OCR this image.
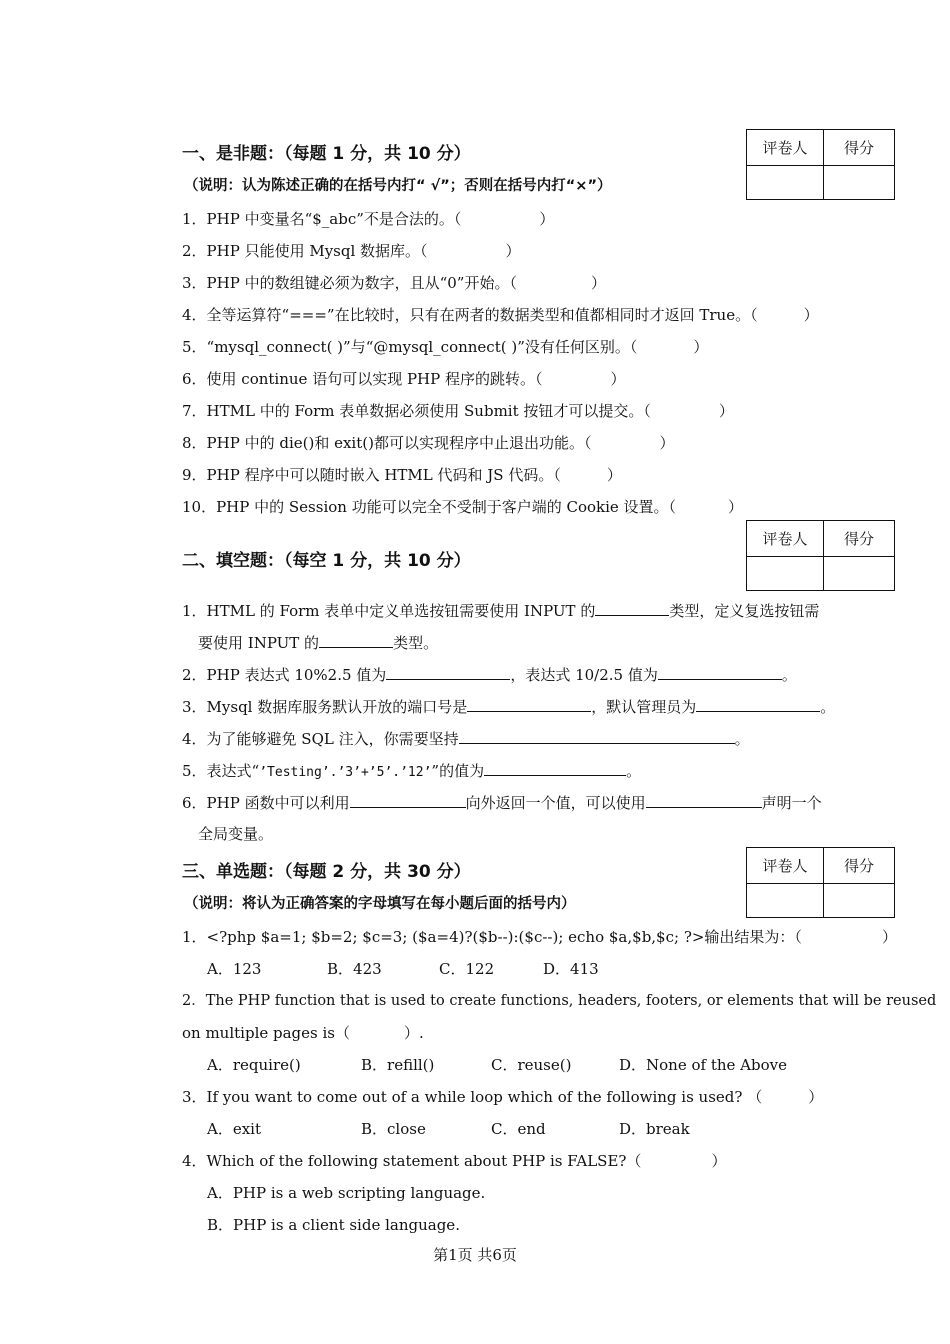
评卷人	得分

一、是非题：（每题 1 分，共 10 分）
（说明：认为陈述正确的在括号内打“ √”；否则在括号内打“×”）
1．PHP 中变量名“$_abc”不是合法的。（	）
2．PHP 只能使用 Mysql 数据库。（	）
3．PHP 中的数组键必须为数字，且从“0”开始。（	）
4．全等运算符“===”在比较时，只有在两者的数据类型和值都相同时才返回 True。（	）
5．“mysql_connect( )”与“@mysql_connect( )”没有任何区别。（	）
6．使用 continue 语句可以实现 PHP 程序的跳转。（	）
7．HTML 中的 Form 表单数据必须使用 Submit 按钮才可以提交。（	）
8．PHP 中的 die()和 exit()都可以实现程序中止退出功能。（	）
9．PHP 程序中可以随时嵌入 HTML 代码和 JS 代码。（	）
10．PHP 中的 Session 功能可以完全不受制于客户端的 Cookie 设置。（	）
评卷人	得分

二、填空题：（每空 1 分，共 10 分）
1．HTML 的 Form 表单中定义单选按钮需要使用 INPUT 的	类型，定义复选按钮需
要使用 INPUT 的	类型。
2．PHP 表达式 10%2.5 值为	，表达式 10/2.5 值为	。
3．Mysql 数据库服务默认开放的端口号是	，默认管理员为	。
4．为了能够避免 SQL 注入，你需要坚持	。
5．表达式“’Testing’.’3’+’5’.’12’”的值为	。
6．PHP 函数中可以利用	向外返回一个值，可以使用	声明一个
全局变量。
评卷人	得分

三、单选题：（每题 2 分，共 30 分）
（说明：将认为正确答案的字母填写在每小题后面的括号内）
1．<?php $a=1; $b=2; $c=3; ($a=4)?($b--):($c--); echo $a,$b,$c; ?>输出结果为：（	）
A．123	B．423	C．122	D．413
2．The PHP function that is used to create functions, headers, footers, or elements that will be reused
on multiple pages is（	）.
A．require()	B．refill()	C．reuse()	D．None of the Above
3．If you want to come out of a while loop which of the following is used? （	）
A．exit	B．close	C．end	D．break
4．Which of the following statement about PHP is FALSE?（	）
A．PHP is a web scripting language.
B．PHP is a client side language.
第1页 共6页
